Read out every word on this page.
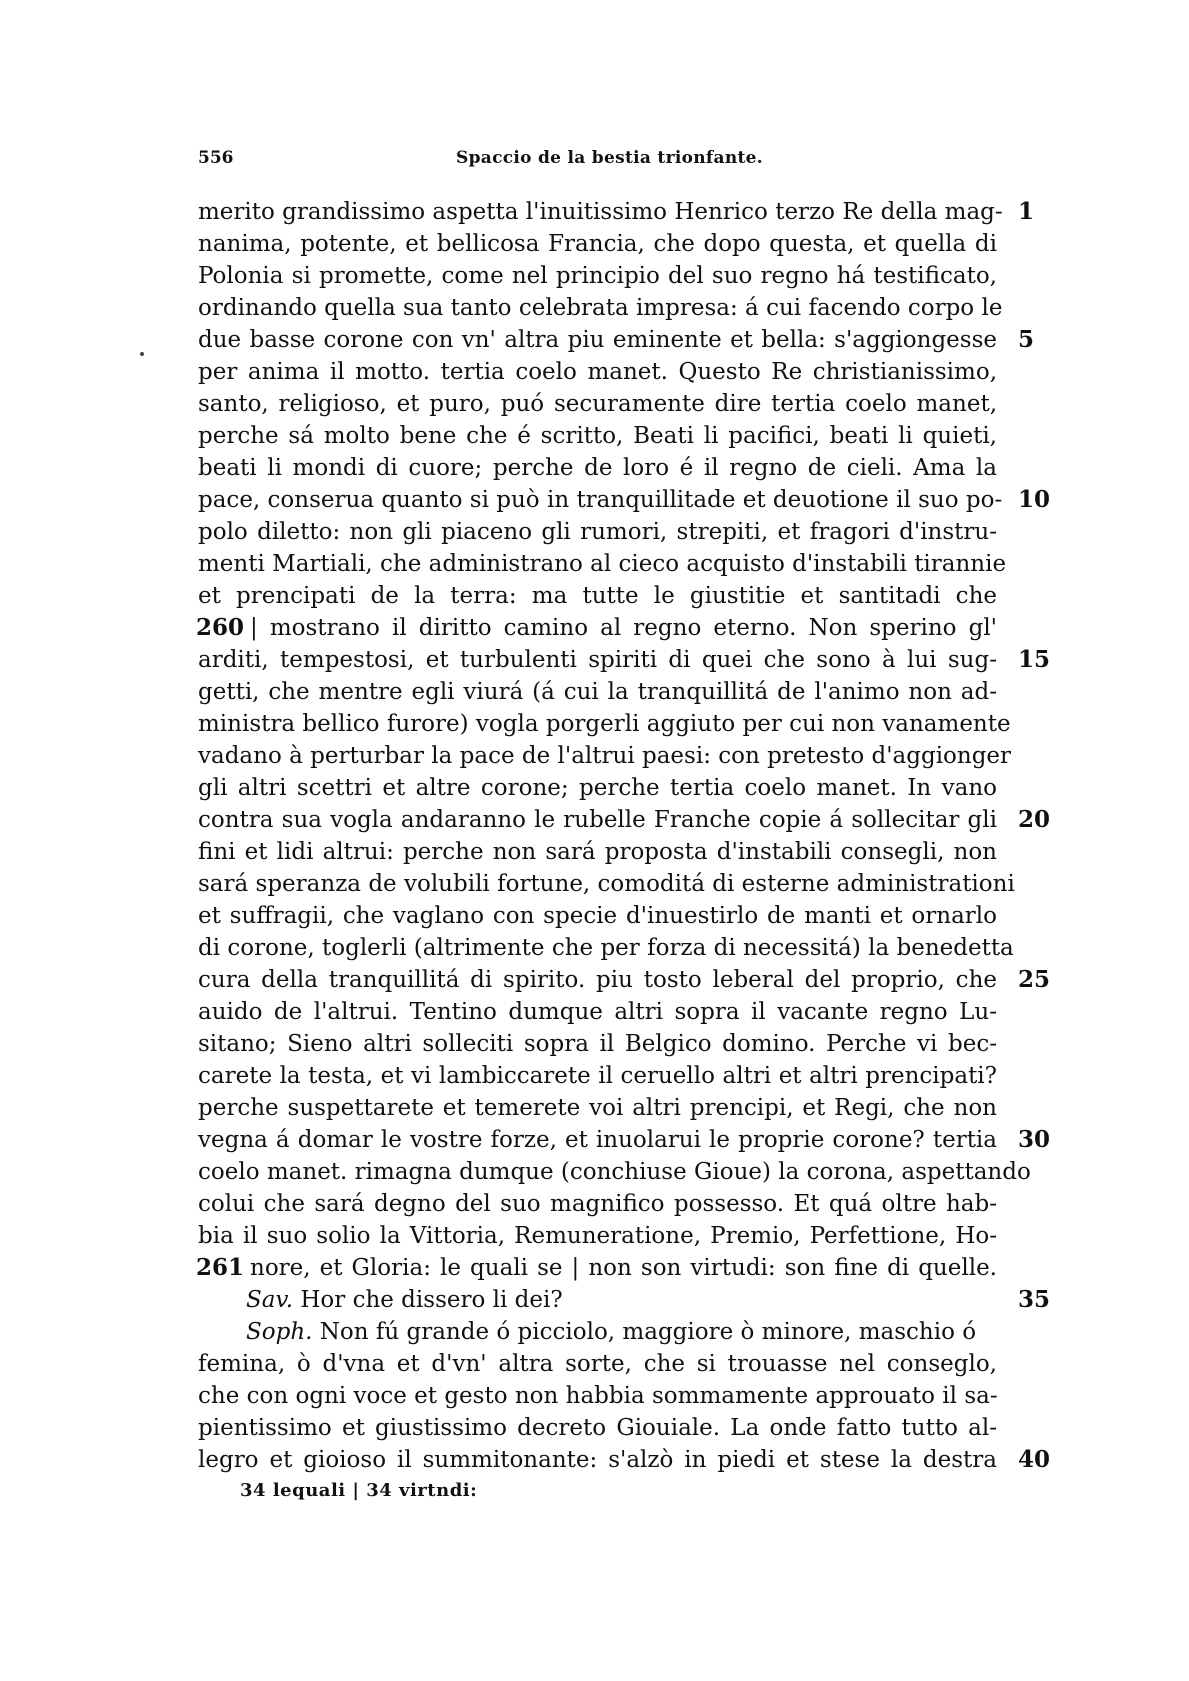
556	Spaccio de la bestia trionfante.
merito grandissimo aspetta l'inuitissimo Henrico terzo Re della mag- 1
nanima, potente, et bellicosa Francia, che dopo questa, et quella di
Polonia si promette, come nel principio del suo regno há testificato,
ordinando quella sua tanto celebrata impresa: á cui facendo corpo le
due basse corone con vn' altra piu eminente et bella: s'aggiongesse 5
per anima il motto. tertia coelo manet. Questo Re christianissimo,
santo, religioso, et puro, puó securamente dire tertia coelo manet,
perche sá molto bene che é scritto, Beati li pacifici, beati li quieti,
beati li mondi di cuore; perche de loro é il regno de cieli. Ama la
pace, conserua quanto si può in tranquillitade et deuotione il suo po- 10
polo diletto: non gli piaceno gli rumori, strepiti, et fragori d'instru-
menti Martiali, che administrano al cieco acquisto d'instabili tirannie
et prencipati de la terra: ma tutte le giustitie et santitadi che
260 | mostrano il diritto camino al regno eterno. Non sperino gl'
arditi, tempestosi, et turbulenti spiriti di quei che sono à lui sug- 15
getti, che mentre egli viurá (á cui la tranquillitá de l'animo non ad-
ministra bellico furore) vogla porgerli aggiuto per cui non vanamente
vadano à perturbar la pace de l'altrui paesi: con pretesto d'aggionger
gli altri scettri et altre corone; perche tertia coelo manet. In vano
contra sua vogla andaranno le rubelle Franche copie á sollecitar gli 20
fini et lidi altrui: perche non sará proposta d'instabili consegli, non
sará speranza de volubili fortune, comoditá di esterne administrationi
et suffragii, che vaglano con specie d'inuestirlo de manti et ornarlo
di corone, toglerli (altrimente che per forza di necessitá) la benedetta
cura della tranquillitá di spirito. piu tosto leberal del proprio, che 25
auido de l'altrui. Tentino dumque altri sopra il vacante regno Lu-
sitano; Sieno altri solleciti sopra il Belgico domino. Perche vi bec-
carete la testa, et vi lambiccarete il ceruello altri et altri prencipati?
perche suspettarete et temerete voi altri prencipi, et Regi, che non
vegna á domar le vostre forze, et inuolarui le proprie corone? tertia 30
coelo manet. rimagna dumque (conchiuse Gioue) la corona, aspettando
colui che sará degno del suo magnifico possesso. Et quá oltre hab-
bia il suo solio la Vittoria, Remuneratione, Premio, Perfettione, Ho-
261 nore, et Gloria: le quali se | non son virtudi: son fine di quelle.
Sav. Hor che dissero li dei?	35
Soph. Non fú grande ó picciolo, maggiore ò minore, maschio ó
femina, ò d'vna et d'vn' altra sorte, che si trouasse nel conseglo,
che con ogni voce et gesto non habbia sommamente approuato il sa-
pientissimo et giustissimo decreto Giouiale. La onde fatto tutto al-
legro et gioioso il summitonante: s'alzò in piedi et stese la destra 40
34 lequali | 34 virtndi:
